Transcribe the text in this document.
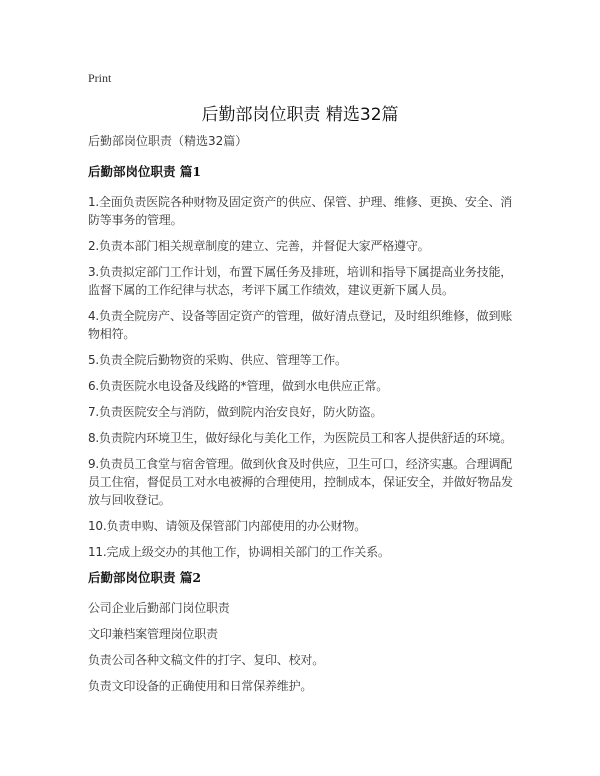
Print
后勤部岗位职责 精选32篇

后勤部岗位职责（精选32篇）

后勤部岗位职责 篇1

1.全面负责医院各种财物及固定资产的供应、保管、护理、维修、更换、安全、消防等事务的管理。

2.负责本部门相关规章制度的建立、完善，并督促大家严格遵守。

3.负责拟定部门工作计划，布置下属任务及排班，培训和指导下属提高业务技能，监督下属的工作纪律与状态，考评下属工作绩效，建议更新下属人员。

4.负责全院房产、设备等固定资产的管理，做好清点登记，及时组织维修，做到账物相符。

5.负责全院后勤物资的采购、供应、管理等工作。

6.负责医院水电设备及线路的*管理，做到水电供应正常。

7.负责医院安全与消防，做到院内治安良好，防火防盗。

8.负责院内环境卫生，做好绿化与美化工作，为医院员工和客人提供舒适的环境。

9.负责员工食堂与宿舍管理。做到伙食及时供应，卫生可口，经济实惠。合理调配员工住宿，督促员工对水电被褥的合理使用，控制成本，保证安全，并做好物品发放与回收登记。

10.负责申购、请领及保管部门内部使用的办公财物。

11.完成上级交办的其他工作，协调相关部门的工作关系。

后勤部岗位职责 篇2

公司企业后勤部门岗位职责

文印兼档案管理岗位职责

负责公司各种文稿文件的打字、复印、校对。

负责文印设备的正确使用和日常保养维护。
